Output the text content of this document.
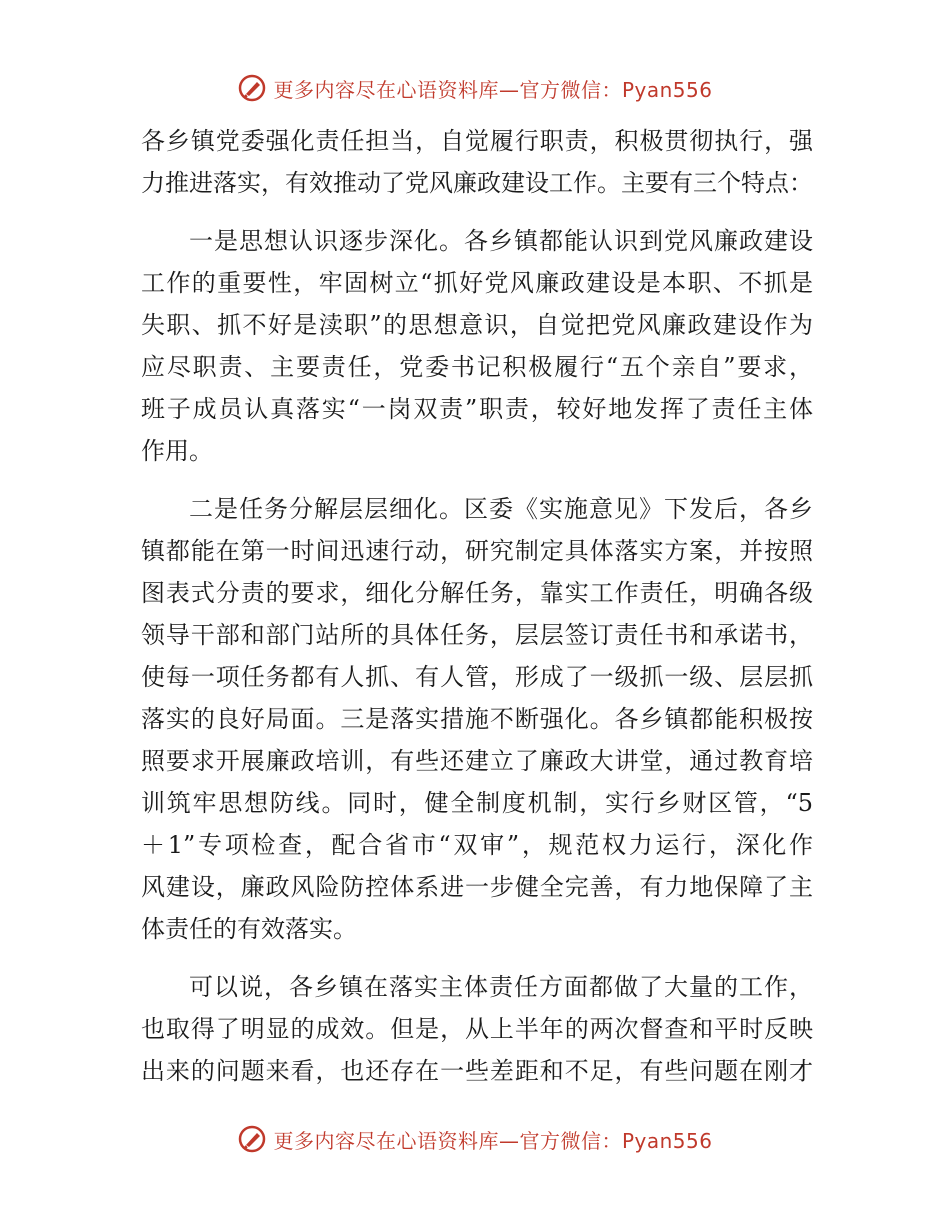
更多内容尽在心语资料库—官方微信：Pyan556
各乡镇党委强化责任担当，自觉履行职责，积极贯彻执行，强
力推进落实，有效推动了党风廉政建设工作。主要有三个特点：
一是思想认识逐步深化。各乡镇都能认识到党风廉政建设
工作的重要性，牢固树立“抓好党风廉政建设是本职、不抓是
失职、抓不好是渎职”的思想意识，自觉把党风廉政建设作为
应尽职责、主要责任，党委书记积极履行“五个亲自”要求，
班子成员认真落实“一岗双责”职责，较好地发挥了责任主体
作用。
二是任务分解层层细化。区委《实施意见》下发后，各乡
镇都能在第一时间迅速行动，研究制定具体落实方案，并按照
图表式分责的要求，细化分解任务，靠实工作责任，明确各级
领导干部和部门站所的具体任务，层层签订责任书和承诺书，
使每一项任务都有人抓、有人管，形成了一级抓一级、层层抓
落实的良好局面。三是落实措施不断强化。各乡镇都能积极按
照要求开展廉政培训，有些还建立了廉政大讲堂，通过教育培
训筑牢思想防线。同时，健全制度机制，实行乡财区管，“5
＋1”专项检查，配合省市“双审”，规范权力运行，深化作
风建设，廉政风险防控体系进一步健全完善，有力地保障了主
体责任的有效落实。
可以说，各乡镇在落实主体责任方面都做了大量的工作，
也取得了明显的成效。但是，从上半年的两次督查和平时反映
出来的问题来看，也还存在一些差距和不足，有些问题在刚才
更多内容尽在心语资料库—官方微信：Pyan556
